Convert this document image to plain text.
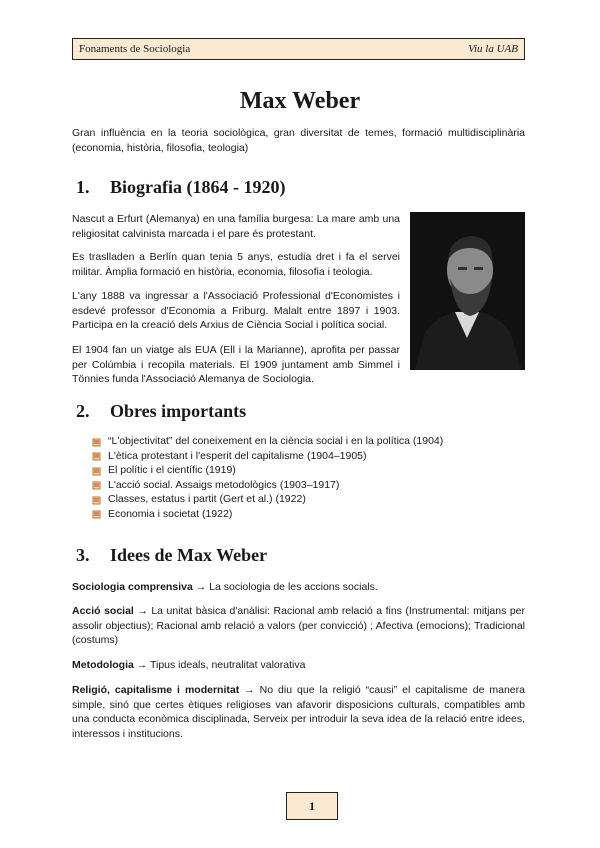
Fonaments de Sociologia	Viu la UAB
Max Weber
Gran influència en la teoria sociològica, gran diversitat de temes, formació multidisciplinària (economia, història, filosofia, teologia)
1. Biografia (1864 - 1920)
Nascut a Erfurt (Alemanya) en una família burgesa: La mare amb una religiositat calvinista marcada i el pare és protestant.
Es traslladen a Berlín quan tenia 5 anys, estudia dret i fa el servei militar. Àmplia formació en història, economia, filosofia i teologia.
L'any 1888 va ingressar a l'Associació Professional d'Economistes i esdevé professor d'Economia a Friburg. Malalt entre 1897 i 1903. Participa en la creació dels Arxius de Ciència Social i política social.
El 1904 fan un viatge als EUA (Ell i la Marianne), aprofita per passar per Colúmbia i recopila materials. El 1909 juntament amb Simmel i Tönnies funda l'Associació Alemanya de Sociologia.
2. Obres importants
“L'objectivitat” del coneixement en la ciència social i en la política (1904)
L'ètica protestant i l'esperit del capitalisme (1904–1905)
El polític i el científic (1919)
L'acció social. Assaigs metodològics (1903–1917)
Classes, estatus i partit (Gert et al.) (1922)
Economia i societat (1922)
3. Idees de Max Weber
Sociologia comprensiva → La sociologia de les accions socials.
Acció social → La unitat bàsica d'anàlisi: Racional amb relació a fins (Instrumental: mitjans per assolir objectius); Racional amb relació a valors (per convicció) ; Afectiva (emocions); Tradicional (costums)
Metodologia → Tipus ideals, neutralitat valorativa
Religió, capitalisme i modernitat → No diu que la religió “causi” el capitalisme de manera simple, sinó que certes ètiques religioses van afavorir disposicions culturals, compatibles amb una conducta econòmica disciplinada, Serveix per introduir la seva idea de la relació entre idees, interessos i institucions.
1
